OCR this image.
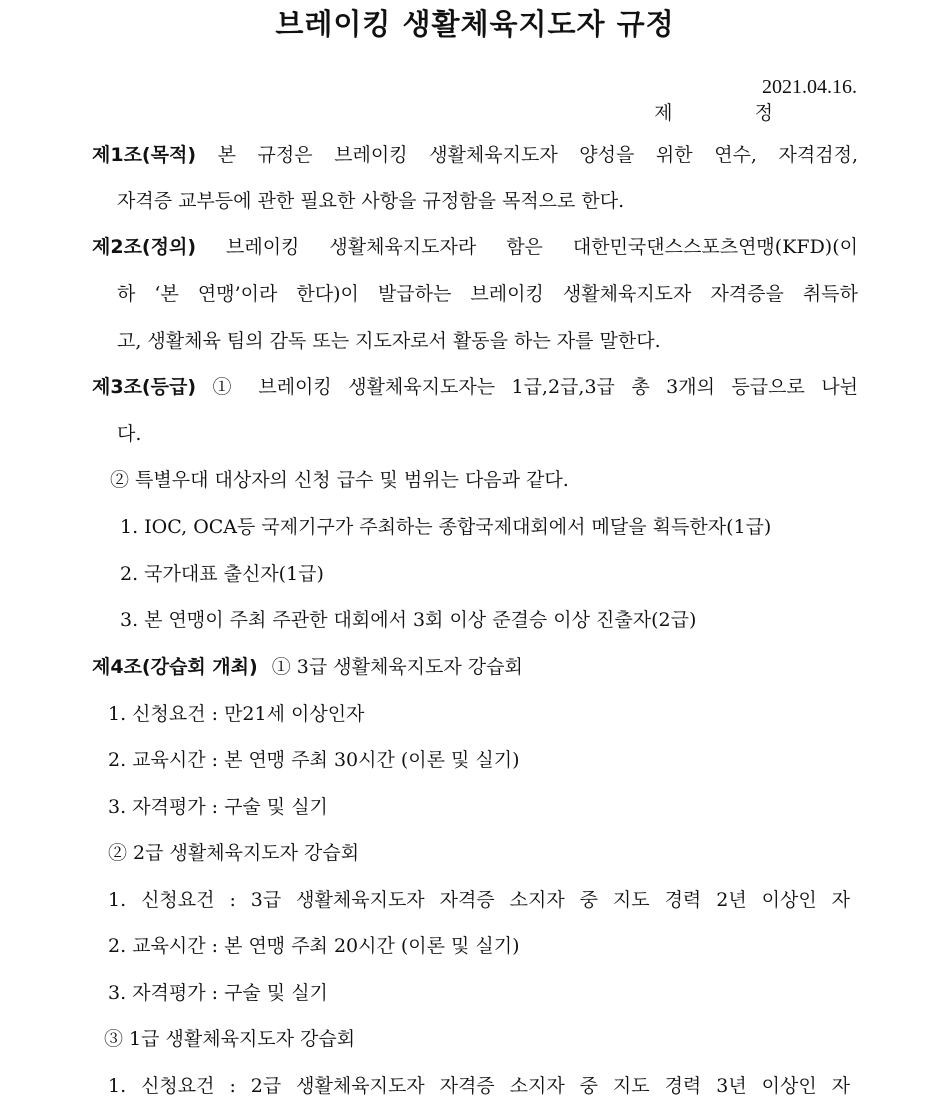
브레이킹 생활체육지도자 규정

제 정

2021.04.16.

제1조(목적) 본 규정은 브레이킹 생활체육지도자 양성을 위한 연수, 자격검정,
자격증 교부등에 관한 필요한 사항을 규정함을 목적으로 한다.
제2조(정의) 브레이킹 생활체육지도자라 함은 대한민국댄스스포츠연맹(KFD)(이
하 ‘본 연맹’이라 한다)이 발급하는 브레이킹 생활체육지도자 자격증을 취득하
고, 생활체육 팀의 감독 또는 지도자로서 활동을 하는 자를 말한다.
제3조(등급) ① 브레이킹 생활체육지도자는 1급,2급,3급 총 3개의 등급으로 나뉜
다.
② 특별우대 대상자의 신청 급수 및 범위는 다음과 같다.
1. IOC, OCA등 국제기구가 주최하는 종합국제대회에서 메달을 획득한자(1급)
2. 국가대표 출신자(1급)
3. 본 연맹이 주최 주관한 대회에서 3회 이상 준결승 이상 진출자(2급)
제4조(강습회 개최) ① 3급 생활체육지도자 강습회
1. 신청요건 : 만21세 이상인자
2. 교육시간 : 본 연맹 주최 30시간 (이론 및 실기)
3. 자격평가 : 구술 및 실기
② 2급 생활체육지도자 강습회
1. 신청요건 : 3급 생활체육지도자 자격증 소지자 중 지도 경력 2년 이상인 자
2. 교육시간 : 본 연맹 주최 20시간 (이론 및 실기)
3. 자격평가 : 구술 및 실기
③ 1급 생활체육지도자 강습회
1. 신청요건 : 2급 생활체육지도자 자격증 소지자 중 지도 경력 3년 이상인 자
